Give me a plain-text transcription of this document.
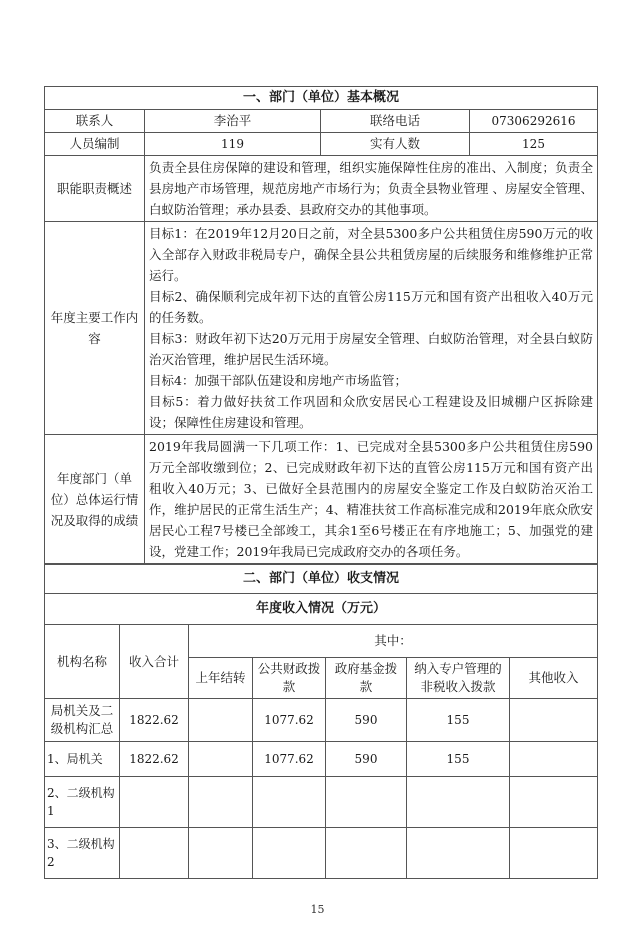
一、部门（单位）基本概况			
联系人	李治平	联络电话	07306292616
人员编制	119	实有人数	125
职能职责概述	负责全县住房保障的建设和管理，组织实施保障性住房的准出、入制度；负责全县房地产市场管理，规范房地产市场行为；负责全县物业管理 、房屋安全管理、白蚁防治管理；承办县委、县政府交办的其他事项。		
年度主要工作内容	目标1：在2019年12月20日之前，对全县5300多户公共租赁住房590万元的收入全部存入财政非税局专户，确保全县公共租赁房屋的后续服务和维修维护正常运行。
目标2、确保顺利完成年初下达的直管公房115万元和国有资产出租收入40万元的任务数。
目标3：财政年初下达20万元用于房屋安全管理、白蚁防治管理，对全县白蚁防治灭治管理，维护居民生活环境。
目标4：加强干部队伍建设和房地产市场监管；
目标5：着力做好扶贫工作巩固和众欣安居民心工程建设及旧城棚户区拆除建设；保障性住房建设和管理。		

年度部门（单位）总体运行情况及取得的成绩	2019年我局圆满一下几项工作：1、已完成对全县5300多户公共租赁住房590万元全部收缴到位；2、已完成财政年初下达的直管公房115万元和国有资产出租收入40万元；3、已做好全县范围内的房屋安全鉴定工作及白蚁防治灭治工作，维护居民的正常生活生产；4、精准扶贫工作高标准完成和2019年底众欣安居民心工程7号楼已全部竣工，其余1至6号楼正在有序地施工；5、加强党的建设，党建工作；2019年我局已完成政府交办的各项任务。		
二、部门（单位）收支情况						
年度收入情况（万元）						
机构名称	收入合计	其中：				
		上年结转	公共财政拨款	政府基金拨款	纳入专户管理的非税收入拨款	其他收入
局机关及二级机构汇总	1822.62		1077.62	590	155	
1、局机关	1822.62		1077.62	590	155	
2、二级机构 1						
3、二级机构 2						
15
